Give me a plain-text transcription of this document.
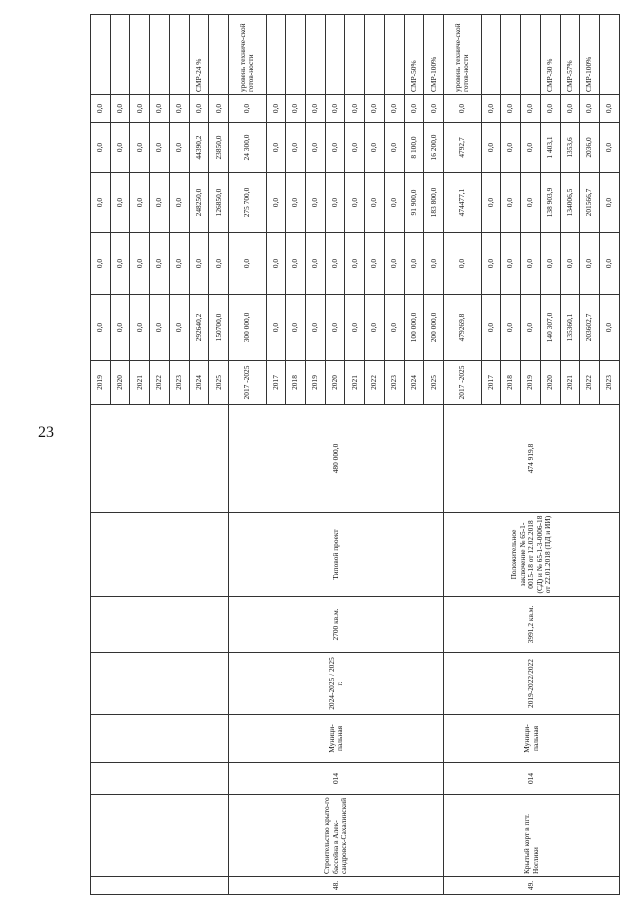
23
								2019	0,0	0,0	0,0	0,0	0,0	
								2020	0,0	0,0	0,0	0,0	0,0	
								2021	0,0	0,0	0,0	0,0	0,0	
								2022	0,0	0,0	0,0	0,0	0,0	
								2023	0,0	0,0	0,0	0,0	0,0	
								2024	292640,2	0,0	248250,0	44390,2	0,0	СМР-24 %
								2025	150700,0	0,0	126850,0	23850,0	0,0	
48.	Строительство крыто-го бассейна в Алек-сандровск-Сахалинский	014	Муници-пальная	2024-2025 / 2025 г.	2700 кв.м.	Типовой проект	480 000,0	2017 -2025	300 000,0	0,0	275 700,0	24 300,0	0,0	уровень техниче-ской готов-ности
								2017	0,0	0,0	0,0	0,0	0,0	
								2018	0,0	0,0	0,0	0,0	0,0	
								2019	0,0	0,0	0,0	0,0	0,0	
								2020	0,0	0,0	0,0	0,0	0,0	
								2021	0,0	0,0	0,0	0,0	0,0	
								2022	0,0	0,0	0,0	0,0	0,0	
								2023	0,0	0,0	0,0	0,0	0,0	
								2024	100 000,0	0,0	91 900,0	8 100,0	0,0	СМР-50%
								2025	200 000,0	0,0	183 800,0	16 200,0	0,0	СМР-100%
49.	Крытый корт в пгт. Ноглики	014	Муници-пальная	2019-2022/2022	3991,2 кв.м.	Положительное заключение № 65-1-0015-18 от 12.02.2018 (СД) и № 65-1-3-0006-18 от 22.01.2018 (ПД и ИИ)	474 919,8	2017 -2025	479269,8	0,0	474477,1	4792,7	0,0	уровень техниче-ской готов-ности
								2017	0,0	0,0	0,0	0,0	0,0	
								2018	0,0	0,0	0,0	0,0	0,0	
								2019	0,0	0,0	0,0	0,0	0,0	
								2020	140 307,0	0,0	138 903,9	1 403,1	0,0	СМР-30 %
								2021	135360,1	0,0	134006,5	1353,6	0,0	СМР-57%
								2022	203602,7	0,0	201566,7	2036,0	0,0	СМР-100%
								2023	0,0	0,0	0,0	0,0	0,0	
